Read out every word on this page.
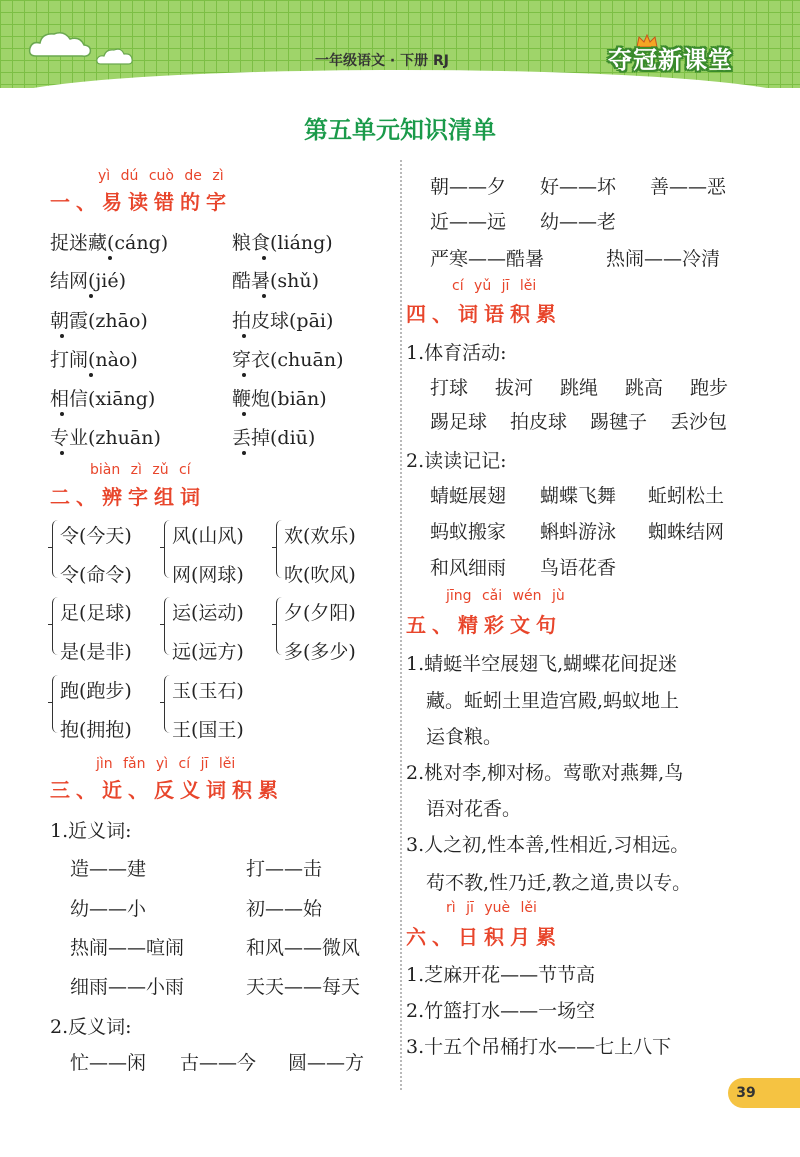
一年级语文 · 下册 RJ	夺冠新课堂
第五单元知识清单
yì dú cuò de zì
一、易读错的字
捉迷藏(cáng)	粮食(liáng)
结网(jié)	酷暑(shǔ)
朝霞(zhāo)	拍皮球(pāi)
打闹(nào)	穿衣(chuān)
相信(xiāng)	鞭炮(biān)
专业(zhuān)	丢掉(diū)
biàn zì zǔ cí
二、辨字组词
令(今天) 风(山风) 欢(欢乐)
令(命令) 网(网球) 吹(吹风)
足(足球) 运(运动) 夕(夕阳)
是(是非) 远(远方) 多(多少)
跑(跑步) 玉(玉石)
抱(拥抱) 王(国王)
jìn fǎn yì cí jī lěi
三、近、反义词积累
1.近义词:
造——建	打——击
幼——小	初——始
热闹——喧闹	和风——微风
细雨——小雨	天天——每天
2.反义词:
忙——闲 古——今 圆——方
朝——夕 好——坏 善——恶
近——远 幼——老
严寒——酷暑	热闹——冷清
cí yǔ jī lěi
四、词语积累
1.体育活动:
打球 拔河 跳绳 跳高 跑步
踢足球 拍皮球 踢毽子 丢沙包
2.读读记记:
蜻蜓展翅 蝴蝶飞舞 蚯蚓松土
蚂蚁搬家 蝌蚪游泳 蜘蛛结网
和风细雨 鸟语花香
jīng cǎi wén jù
五、精彩文句
1.蜻蜓半空展翅飞,蝴蝶花间捉迷
藏。蚯蚓土里造宫殿,蚂蚁地上
运食粮。
2.桃对李,柳对杨。莺歌对燕舞,鸟
语对花香。
3.人之初,性本善,性相近,习相远。
苟不教,性乃迁,教之道,贵以专。
rì jī yuè lěi
六、日积月累
1.芝麻开花——节节高
2.竹篮打水——一场空
3.十五个吊桶打水——七上八下
39
